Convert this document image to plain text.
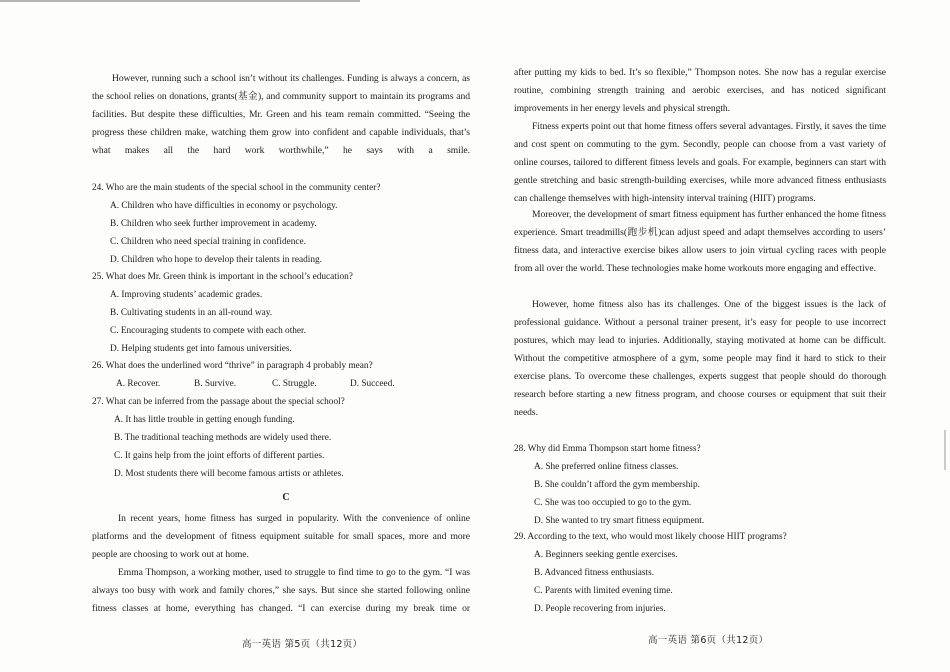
However, running such a school isn’t without its challenges. Funding is always a concern, as the school relies on donations, grants(基金), and community support to maintain its programs and facilities. But despite these difficulties, Mr. Green and his team remain committed. “Seeing the progress these children make, watching them grow into confident and capable individuals, that’s what makes all the hard work worthwhile,” he says with a smile.
24. Who are the main students of the special school in the community center?
A. Children who have difficulties in economy or psychology.
B. Children who seek further improvement in academy.
C. Children who need special training in confidence.
D. Children who hope to develop their talents in reading.
25. What does Mr. Green think is important in the school’s education?
A. Improving students’ academic grades.
B. Cultivating students in an all-round way.
C. Encouraging students to compete with each other.
D. Helping students get into famous universities.
26. What does the underlined word “thrive” in paragraph 4 probably mean?
A. Recover.	B. Survive.	C. Struggle.	D. Succeed.
27. What can be inferred from the passage about the special school?
A. It has little trouble in getting enough funding.
B. The traditional teaching methods are widely used there.
C. It gains help from the joint efforts of different parties.
D. Most students there will become famous artists or athletes.
C
In recent years, home fitness has surged in popularity. With the convenience of online platforms and the development of fitness equipment suitable for small spaces, more and more people are choosing to work out at home.
Emma Thompson, a working mother, used to struggle to find time to go to the gym. “I was always too busy with work and family chores,” she says. But since she started following online fitness classes at home, everything has changed. “I can exercise during my break time or
高一英语 第5页（共12页）
after putting my kids to bed. It’s so flexible,” Thompson notes. She now has a regular exercise routine, combining strength training and aerobic exercises, and has noticed significant improvements in her energy levels and physical strength.
Fitness experts point out that home fitness offers several advantages. Firstly, it saves the time and cost spent on commuting to the gym. Secondly, people can choose from a vast variety of online courses, tailored to different fitness levels and goals. For example, beginners can start with gentle stretching and basic strength-building exercises, while more advanced fitness enthusiasts can challenge themselves with high-intensity interval training (HIIT) programs.
Moreover, the development of smart fitness equipment has further enhanced the home fitness experience. Smart treadmills(跑步机)can adjust speed and adapt themselves according to users’ fitness data, and interactive exercise bikes allow users to join virtual cycling races with people from all over the world. These technologies make home workouts more engaging and effective.
However, home fitness also has its challenges. One of the biggest issues is the lack of professional guidance. Without a personal trainer present, it’s easy for people to use incorrect postures, which may lead to injuries. Additionally, staying motivated at home can be difficult. Without the competitive atmosphere of a gym, some people may find it hard to stick to their exercise plans. To overcome these challenges, experts suggest that people should do thorough research before starting a new fitness program, and choose courses or equipment that suit their needs.
28. Why did Emma Thompson start home fitness?
A. She preferred online fitness classes.
B. She couldn’t afford the gym membership.
C. She was too occupied to go to the gym.
D. She wanted to try smart fitness equipment.
29. According to the text, who would most likely choose HIIT programs?
A. Beginners seeking gentle exercises.
B. Advanced fitness enthusiasts.
C. Parents with limited evening time.
D. People recovering from injuries.
高一英语 第6页（共12页）
